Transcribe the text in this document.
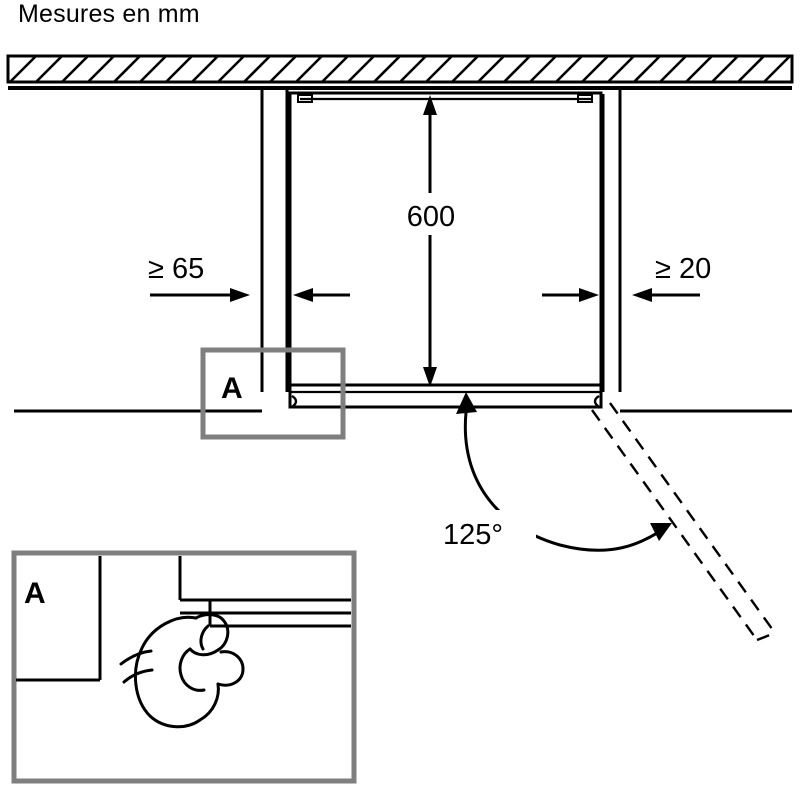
Mesures en mm
600
≥ 65	≥ 20
125°
A
A
